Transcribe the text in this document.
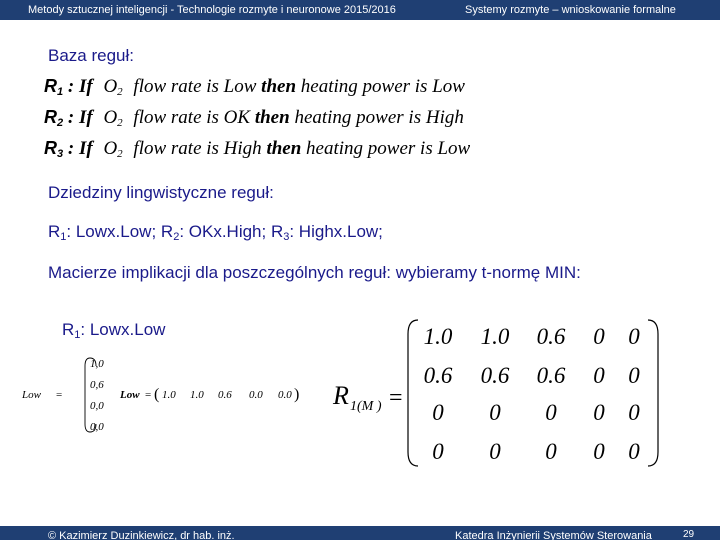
Metody sztucznej inteligencji - Technologie rozmyte i neuronowe 2015/2016	Systemy rozmyte – wnioskowanie formalne
Baza reguł:
$R_1$ : If $O_2$ flow rate is Low then heating power is Low
$R_2$ : If $O_2$ flow rate is OK then heating power is High
$R_3$ : If $O_2$ flow rate is High then heating power is Low
Dziedziny lingwistyczne reguł:
$R_1$: Lowx.Low; $R_2$: OKx.High; $R_3$: Highx.Low;
Macierze implikacji dla poszczególnych reguł: wybieramy t-normę MIN:
$R_1$: Lowx.Low
Low =
1,0
0,6
0,0
0,0
Low = ( 1.0 1.0 0.6 0.0 0.0 ) R 1(M ) =
1.0 1.0 0.6 0 0
0.6 0.6 0.6 0 0
0 0 0 0 0
0 0 0 0 0
© Kazimierz Duzinkiewicz, dr hab. inż.	Katedra Inżynierii Systemów Sterowania	29
